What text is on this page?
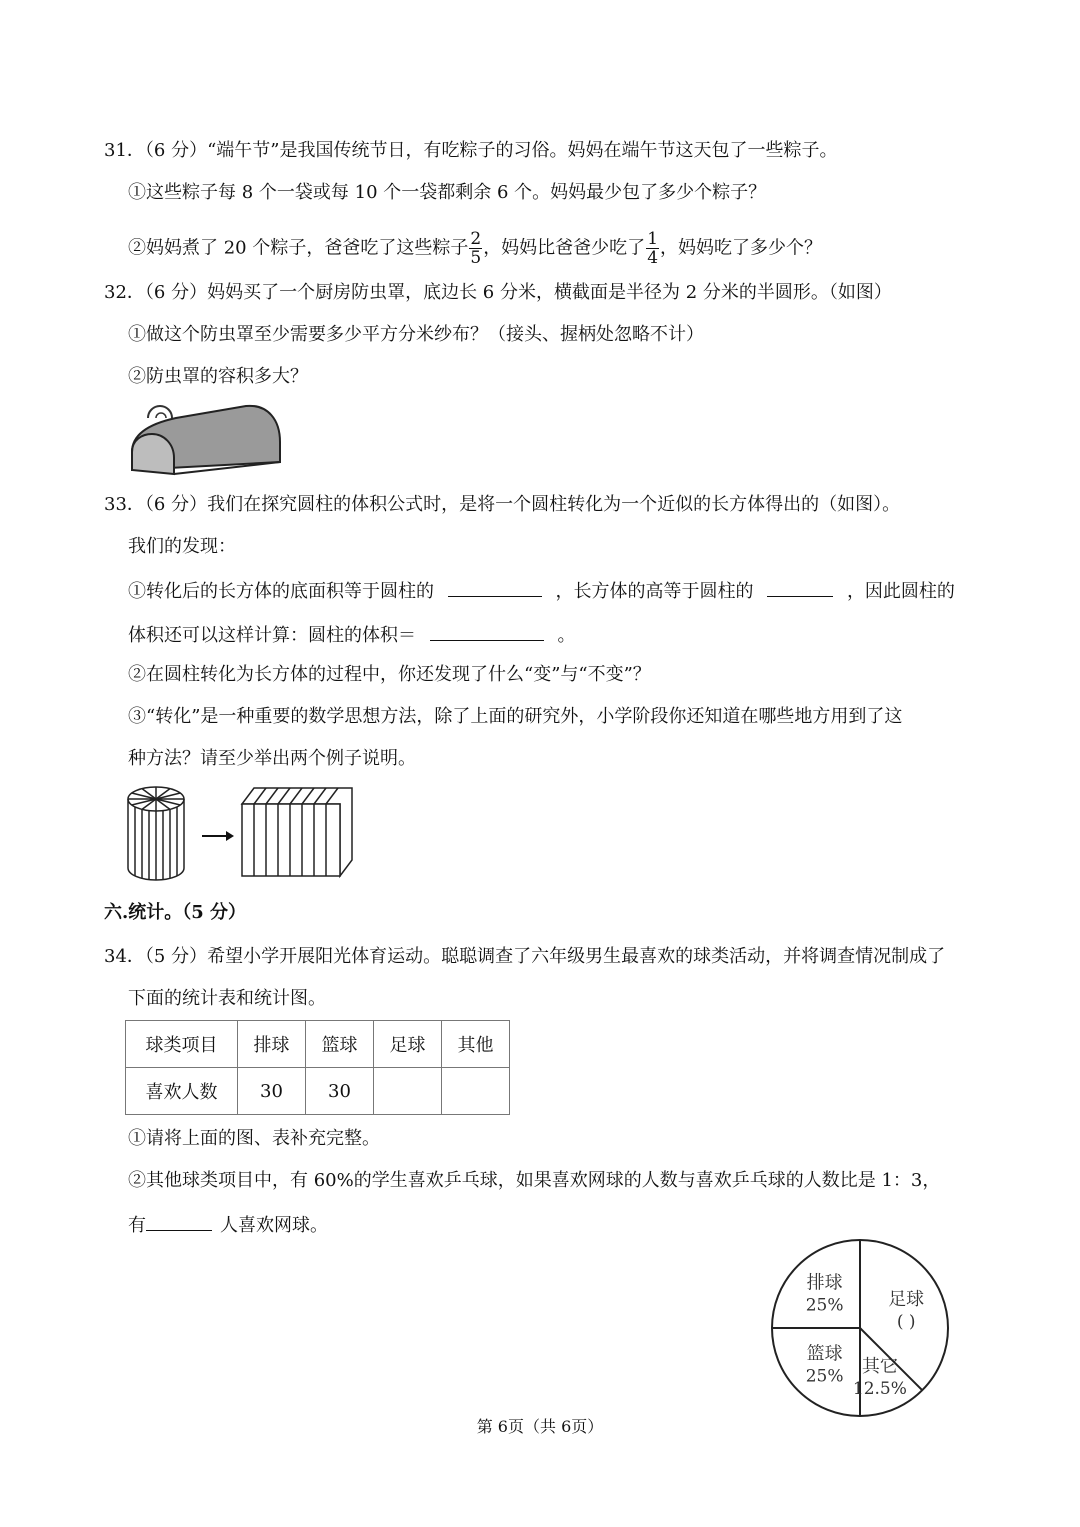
31．（6 分）“端午节”是我国传统节日，有吃粽子的习俗。妈妈在端午节这天包了一些粽子。
①这些粽子每 8 个一袋或每 10 个一袋都剩余 6 个。妈妈最少包了多少个粽子？
②妈妈煮了 20 个粽子，爸爸吃了这些粽子 $\frac{2}{5}$ ，妈妈比爸爸少吃了 $\frac{1}{4}$ ，妈妈吃了多少个？
32．（6 分）妈妈买了一个厨房防虫罩，底边长 6 分米，横截面是半径为 2 分米的半圆形。（如图）
①做这个防虫罩至少需要多少平方分米纱布？（接头、握柄处忽略不计）
②防虫罩的容积多大？
33．（6 分）我们在探究圆柱的体积公式时，是将一个圆柱转化为一个近似的长方体得出的（如图）。
我们的发现：
①转化后的长方体的底面积等于圆柱的	，长方体的高等于圆柱的	，因此圆柱的
体积还可以这样计算：圆柱的体积＝	。
②在圆柱转化为长方体的过程中，你还发现了什么“变”与“不变”？
③“转化”是一种重要的数学思想方法，除了上面的研究外，小学阶段你还知道在哪些地方用到了这
种方法？请至少举出两个例子说明。
六.统计。（5 分）
34．（5 分）希望小学开展阳光体育运动。聪聪调查了六年级男生最喜欢的球类活动，并将调查情况制成了
下面的统计表和统计图。
球类项目	排球	篮球	足球	其他
喜欢人数	30	30		
①请将上面的图、表补充完整。
②其他球类项目中，有 60%的学生喜欢乒乓球，如果喜欢网球的人数与喜欢乒乓球的人数比是 1：3，
有	人喜欢网球。
排球
25% 足球
( )
其它
12.5%
篮球
25%
第 6页（共 6页）
